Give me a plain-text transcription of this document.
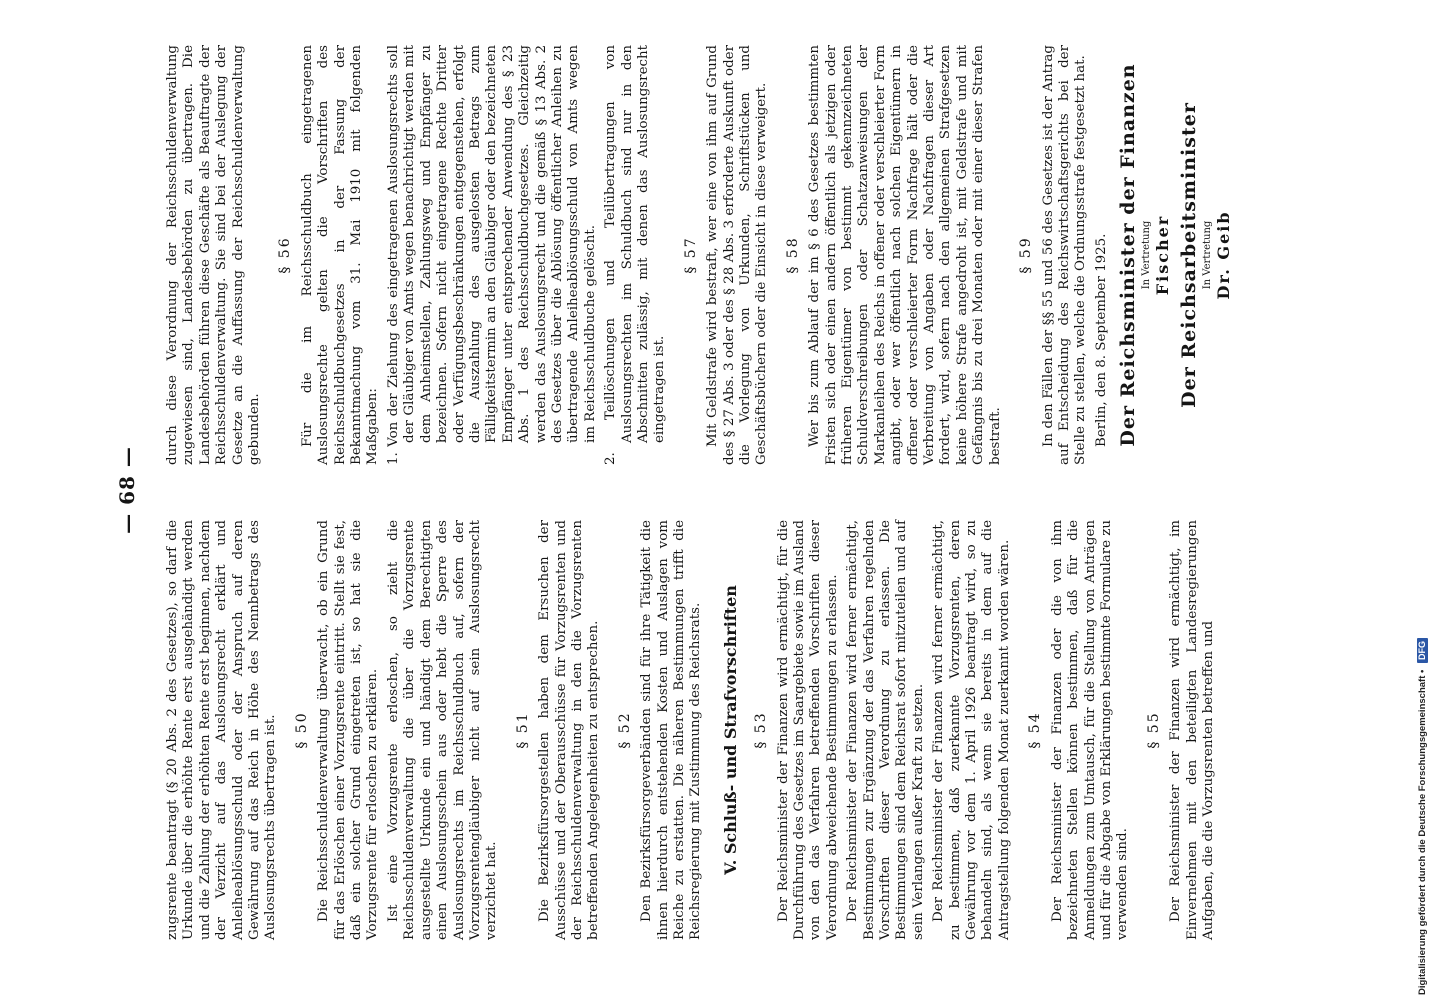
— 68 —

zugsrente beantragt (§ 20 Abs. 2 des Gesetzes), so darf die Urkunde über die erhöhte Rente erst ausgehändigt werden und die Zahlung der erhöhten Rente erst beginnen, nachdem der Verzicht auf das Auslosungsrecht erklärt und Anleiheablösungsschuld oder der Anspruch auf deren Gewährung auf das Reich in Höhe des Nennbetrags des Auslosungsrechts übertragen ist. § 50 Die Reichsschuldenverwaltung überwacht, ob ein Grund für das Erlöschen einer Vorzugsrente eintritt. Stellt sie fest, daß ein solcher Grund eingetreten ist, so hat sie die Vorzugsrente für erloschen zu erklären. Ist eine Vorzugsrente erloschen, so zieht die Reichsschuldenverwaltung die über die Vorzugsrente ausgestellte Urkunde ein und händigt dem Berechtigten einen Auslosungsschein aus oder hebt die Sperre des Auslosungsrechts im Reichsschuldbuch auf, sofern der Vorzugsrentengläubiger nicht auf sein Auslosungsrecht verzichtet hat.

§ 51 Die Bezirksfürsorgestellen haben dem Ersuchen der Ausschüsse und der Oberausschüsse für Vorzugsrenten und der Reichsschuldenverwaltung in den die Vorzugsrenten betreffenden Angelegenheiten zu entsprechen. § 52 Den Bezirksfürsorgeverbänden sind für ihre Tätigkeit die ihnen hierdurch entstehenden Kosten und Auslagen vom Reiche zu erstatten. Die näheren Bestimmungen trifft die Reichsregierung mit Zustimmung des Reichsrats. V. Schluß- und Strafvorschriften § 53 Der Reichsminister der Finanzen wird ermächtigt, für die Durchführung des Gesetzes im Saargebiete sowie im Ausland von den das Verfahren betreffenden Vorschriften dieser Verordnung abweichende Bestimmungen zu erlassen. Der Reichsminister der Finanzen wird ferner ermächtigt, Bestimmungen zur Ergänzung der das Verfahren regelnden Vorschriften dieser Verordnung zu erlassen. Die Bestimmungen sind dem Reichsrat sofort mitzuteilen und auf sein Verlangen außer Kraft zu setzen. Der Reichsminister der Finanzen wird ferner ermächtigt, zu bestimmen, daß zuerkannte Vorzugsrenten, deren Gewährung vor dem 1. April 1926 beantragt wird, so zu behandeln sind, als wenn sie bereits in dem auf die Antragstellung folgenden Monat zuerkannt worden wären. § 54 Der Reichsminister der Finanzen oder die von ihm bezeichneten Stellen können bestimmen, daß für die Anmeldungen zum Umtausch, für die Stellung von Anträgen und für die Abgabe von Erklärungen bestimmte Formulare zu verwenden sind.

§ 55 Der Reichsminister der Finanzen wird ermächtigt, im Einvernehmen mit den beteiligten Landesregierungen Aufgaben, die die Vorzugsrenten betreffen und

durch diese Verordnung der Reichsschuldenverwaltung zugewiesen sind, Landesbehörden zu übertragen. Die Landesbehörden führen diese Geschäfte als Beauftragte der Reichsschuldenverwaltung. Sie sind bei der Auslegung der Gesetze an die Auffassung der Reichsschuldenverwaltung gebunden.

§ 56 Für die im Reichsschuldbuch eingetragenen Auslosungsrechte gelten die Vorschriften des Reichsschuldbuchgesetzes in der Fassung der Bekanntmachung vom 31. Mai 1910 mit folgenden Maßgaben: 1. Von der Ziehung des eingetragenen Auslosungsrechts soll der Gläubiger von Amts wegen benachrichtigt werden mit dem Anheimstellen, Zahlungsweg und Empfänger zu bezeichnen. Sofern nicht eingetragene Rechte Dritter oder Verfügungsbeschränkungen entgegenstehen, erfolgt die Auszahlung des ausgelosten Betrags zum Fälligkeitstermin an den Gläubiger oder den bezeichneten Empfänger unter entsprechender Anwendung des § 23 Abs. 1 des Reichsschuldbuchgesetzes. Gleichzeitig werden das Auslosungsrecht und die gemäß § 13 Abs. 2 des Gesetzes über die Ablösung öffentlicher Anleihen zu übertragende Anleiheablösungsschuld von Amts wegen im Reichsschuldbuche gelöscht. 2. Teillöschungen und Teilübertragungen von Auslosungsrechten im Schuldbuch sind nur in den Abschnitten zulässig, mit denen das Auslosungsrecht eingetragen ist.

§ 57 Mit Geldstrafe wird bestraft, wer eine von ihm auf Grund des § 27 Abs. 3 oder des § 28 Abs. 3 erforderte Auskunft oder die Vorlegung von Urkunden, Schriftstücken und Geschäftsbüchern oder die Einsicht in diese verweigert. § 58 Wer bis zum Ablauf der im § 6 des Gesetzes bestimmten Fristen sich oder einen andern öffentlich als jetzigen oder früheren Eigentümer von bestimmt gekennzeichneten Schuldverschreibungen oder Schatzanweisungen der Markanleihen des Reichs in offener oder verschleierter Form angibt, oder wer öffentlich nach solchen Eigentümern in offener oder verschleierter Form Nachfrage hält oder die Verbreitung von Angaben oder Nachfragen dieser Art fordert, wird, sofern nach den allgemeinen Strafgesetzen keine höhere Strafe angedroht ist, mit Geldstrafe und mit Gefängnis bis zu drei Monaten oder mit einer dieser Strafen bestraft.

§ 59 In den Fällen der §§ 55 und 56 des Gesetzes ist der Antrag auf Entscheidung des Reichswirtschaftsgerichts bei der Stelle zu stellen, welche die Ordnungsstrafe festgesetzt hat. Berlin, den 8. September 1925. Der Reichsminister der Finanzen In Vertretung Fischer Der Reichsarbeitsminister In Vertretung Dr. Geib
Digitalisierung gefördert durch die Deutsche Forschungsgemeinschaft • DFG
